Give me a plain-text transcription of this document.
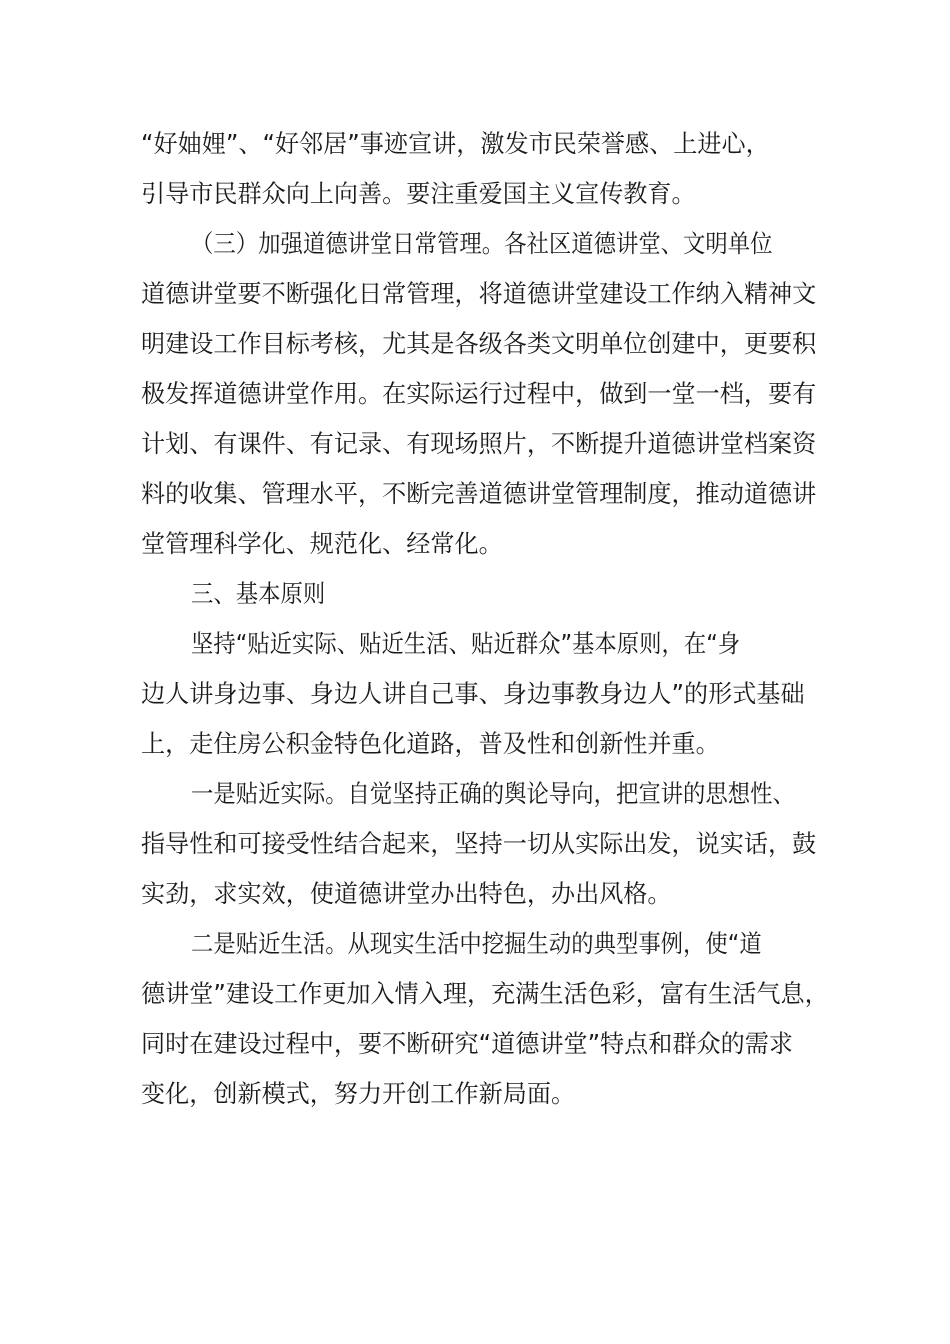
“好妯娌”、“好邻居”事迹宣讲，激发市民荣誉感、上进心，
引导市民群众向上向善。要注重爱国主义宣传教育。
（三）加强道德讲堂日常管理。各社区道德讲堂、文明单位
道德讲堂要不断强化日常管理，将道德讲堂建设工作纳入精神文
明建设工作目标考核，尤其是各级各类文明单位创建中，更要积
极发挥道德讲堂作用。在实际运行过程中，做到一堂一档，要有
计划、有课件、有记录、有现场照片，不断提升道德讲堂档案资
料的收集、管理水平，不断完善道德讲堂管理制度，推动道德讲
堂管理科学化、规范化、经常化。
三、基本原则
坚持“贴近实际、贴近生活、贴近群众”基本原则，在“身
边人讲身边事、身边人讲自己事、身边事教身边人”的形式基础
上，走住房公积金特色化道路，普及性和创新性并重。
一是贴近实际。自觉坚持正确的舆论导向，把宣讲的思想性、
指导性和可接受性结合起来，坚持一切从实际出发，说实话，鼓
实劲，求实效，使道德讲堂办出特色，办出风格。
二是贴近生活。从现实生活中挖掘生动的典型事例，使“道
德讲堂”建设工作更加入情入理，充满生活色彩，富有生活气息，
同时在建设过程中，要不断研究“道德讲堂”特点和群众的需求
变化，创新模式，努力开创工作新局面。
